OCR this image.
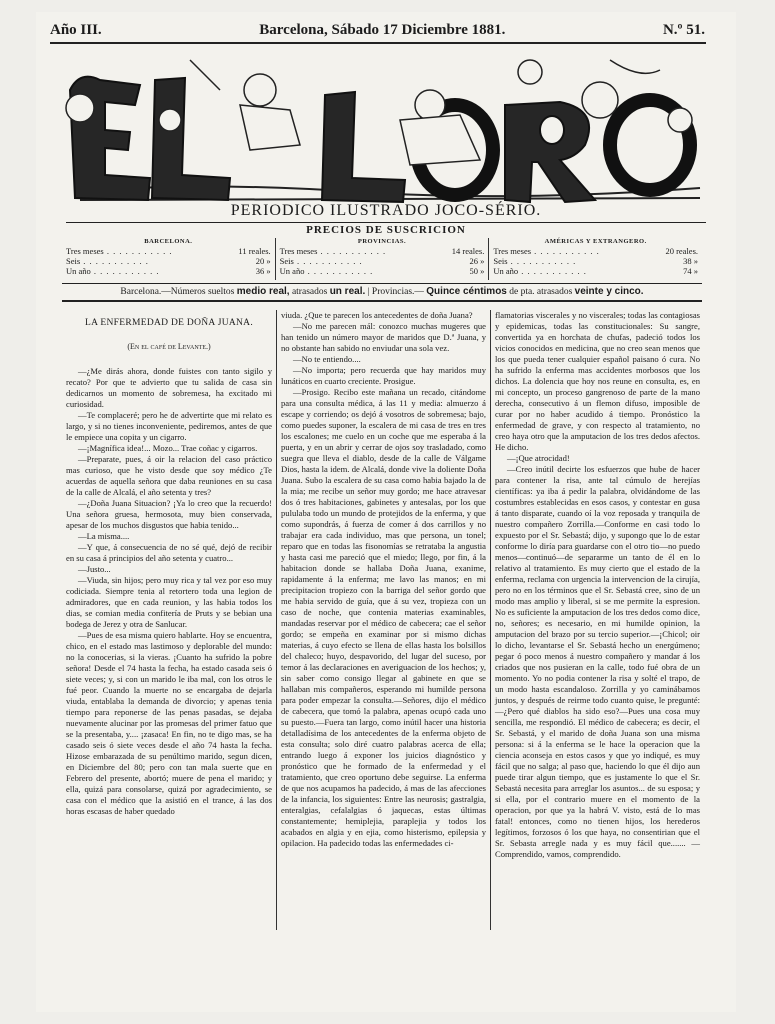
Año III.	Barcelona, Sábado 17 Diciembre 1881.	N.º 51.
PERIODICO ILUSTRADO JOCO-SÉRIO.
PRECIOS DE SUSCRICION
BARCELONA.
Tres meses . . .	11 reales.
Seis . . .	20 »
Un año . . .	36 »
PROVINCIAS.
Tres meses . . .	14 reales.
Seis . . .	26 »
Un año . . .	50 »
AMÉRICAS Y EXTRANGERO.
Tres meses . . .	20 reales.
Seis . . .	38 »
Un año . . .	74 »
Barcelona.—Números sueltos medio real, atrasados un real. | Provincias.— Quince céntimos de pta. atrasados veinte y cinco.
LA ENFERMEDAD DE DOÑA JUANA.
(En el café de Levante.)

—¿Me dirás ahora, donde fuistes con tanto sigilo y recato? Por que te advierto que tu salida de casa sin dedicarnos un momento de sobremesa, ha excitado mi curiosidad.

—Te complaceré; pero he de advertirte que mi relato es largo, y si no tienes inconveniente, pediremos, antes de que le empiece una copita y un cigarro.

—¡Magnífica idea!... Mozo... Trae coñac y cigarros.

—Preparate, pues, á oir la relacion del caso práctico mas curioso, que he visto desde que soy médico ¿Te acuerdas de aquella señora que daba reuniones en su casa de la calle de Alcalá, el año setenta y tres?

—¿Doña Juana Situacion? ¡Ya lo creo que la recuerdo! Una señora gruesa, hermosota, muy bien conservada, apesar de los muchos disgustos que habia tenido...

—La misma....

—Y que, á consecuencia de no sé qué, dejó de recibir en su casa á principios del año setenta y cuatro...

—Justo...

—Viuda, sin hijos; pero muy rica y tal vez por eso muy codiciada. Siempre tenia al retortero toda una legion de admiradores, que en cada reunion, y las habia todos los dias, se comian media confitería de Pruts y se bebian una bodega de Jerez y otra de Sanlucar.

—Pues de esa misma quiero hablarte. Hoy se encuentra, chico, en el estado mas lastimoso y deplorable del mundo: no la conocerias, si la vieras. ¡Cuanto ha sufrido la pobre señora! Desde el 74 hasta la fecha, ha estado casada seis ó siete veces; y, si con un marido le iba mal, con los otros le fué peor. Cuando la muerte no se encargaba de dejarla viuda, entablaba la demanda de divorcio; y apenas tenia tiempo para reponerse de las penas pasadas, se dejaba nuevamente alucinar por las promesas del primer fatuo que se la presentaba, y.... ¡zasaca! En fin, no te digo mas, se ha casado seis ó siete veces desde el año 74 hasta la fecha. Hizose embarazada de su penúltimo marido, segun dicen, en Diciembre del 80; pero con tan mala suerte que en Febrero del presente, abortó; muere de pena el marido; y ella, quizá para consolarse, quizá por agradecimiento, se casa con el médico que la asistió en el trance, á las dos horas escasas de haber quedado

viuda. ¿Que te parecen los antecedentes de doña Juana?

—No me parecen mál: conozco muchas mugeres que han tenido un número mayor de maridos que D.ª Juana, y no obstante han sabido no enviudar una sola vez.

—No te entiendo....

—No importa; pero recuerda que hay maridos muy lunáticos en cuarto creciente. Prosigue.

—Prosigo. Recibo este mañana un recado, citándome para una consulta médica, á las 11 y media: almuerzo á escape y corriendo; os dejó á vosotros de sobremesa; bajo, como puedes suponer, la escalera de mi casa de tres en tres los escalones; me cuelo en un coche que me esperaba á la puerta, y en un abrir y cerrar de ojos soy trasladado, como suegra que lleva el diablo, desde de la calle de Válgame Dios, hasta la idem. de Alcalá, donde vive la doliente Doña Juana. Subo la escalera de su casa como habia bajado la de la mia; me recibe un señor muy gordo; me hace atravesar dos ó tres habitaciones, gabinetes y antesalas, por los que pululaba todo un mundo de protejidos de la enferma, y que como supondrás, á fuerza de comer á dos carrillos y no trabajar era cada individuo, mas que persona, un tonel; reparo que en todas las fisonomías se retrataba la angustia y hasta casi me pareció que el miedo; llego, por fin, á la habitacion donde se hallaba Doña Juana, exanime, rapidamente á la enferma; me lavo las manos; en mi precipitacion tropiezo con la barriga del señor gordo que me habia servido de guía, que á su vez, tropieza con un caso de noche, que contenia materias examinables, mandadas reservar por el médico de cabecera; cae el señor gordo; se empeña en examinar por si mismo dichas materias, á cuyo efecto se llena de ellas hasta los bolsillos del chaleco; huyo, despavorido, del lugar del suceso, por temor á las declaraciones en averiguacion de los hechos; y, sin saber como consigo llegar al gabinete en que se hallaban mis compañeros, esperando mi humilde persona para poder empezar la consulta.—Señores, dijo el médico de cabecera, que tomó la palabra, apenas ocupó cada uno su puesto.—Fuera tan largo, como inútil hacer una historia detalladísima de los antecedentes de la enferma objeto de esta consulta; solo diré cuatro palabras acerca de ella; entrando luego á exponer los juicios diagnóstico y pronóstico que he formado de la enfermedad y el tratamiento, que creo oportuno debe seguirse. La enferma de que nos acupamos ha padecido, á mas de las afecciones de la infancia, los siguientes: Entre las neurosis; gastralgia, enteralgias, cefalalgias ó jaquecas, estas últimas constantemente; hemiplejia, paraplejia y todos los acabados en algia y en ejia, como histerismo, epilepsia y opilacion. Ha padecido todas las enfermedades ci-

flamatorias viscerales y no viscerales; todas las contagiosas y epidemicas, todas las constitucionales: Su sangre, convertida ya en horchata de chufas, padeció todos los vicios conocidos en medicina, que no creo sean menos que los que pueda tener cualquier español paisano ó cura. No ha sufrido la enferma mas accidentes morbosos que los dichos. La dolencia que hoy nos reune en consulta, es, en mi concepto, un proceso gangrenoso de parte de la mano derecha, consecutivo á un flemon difuso, imposible de curar por no haber acudido á tiempo. Pronóstico la enfermedad de grave, y con respecto al tratamiento, no creo haya otro que la amputacion de los tres dedos afectos. He dicho.

—¡Que atrocidad!

—Creo inútil decirte los esfuerzos que hube de hacer para contener la risa, ante tal cúmulo de herejías científicas: ya iba á pedir la palabra, olvidándome de las costumbres establecidas en esos casos, y contestar en gusa á tanto disparate, cuando oí la voz reposada y tranquila de nuestro compañero Zorrilla.—Conforme en casi todo lo expuesto por el Sr. Sebastá; dijo, y supongo que lo de estar conforme lo diría para guardarse con el otro tio—no puedo menos—continuó—de separarme un tanto de él en lo relativo al tratamiento. Es muy cierto que el estado de la enferma, reclama con urgencia la intervencion de la cirujía, pero no en los términos que el Sr. Sebastá cree, sino de un modo mas amplio y liberal, si se me permite la espresion. No es suficiente la amputacion de los tres dedos como dice, no, señores; es necesario, en mi humilde opinion, la amputacion del brazo por su tercio superior.—¡Chicol; oir lo dicho, levantarse el Sr. Sebastá hecho un energúmeno; pegar ó poco menos á nuestro compañero y mandar á los criados que nos pusieran en la calle, todo fué obra de un momento. Yo no podia contener la risa y solté el trapo, de un modo hasta escandaloso. Zorrilla y yo caminábamos juntos, y después de reirme todo cuanto quise, le pregunté:—¿Pero qué diablos ha sido eso?—Pues una cosa muy sencilla, me respondió. El médico de cabecera; es decir, el Sr. Sebastá, y el marido de doña Juana son una misma persona: si á la enferma se le hace la operacion que la ciencia aconseja en estos casos y que yo indiqué, es muy fácil que no salga; al paso que, haciendo lo que él dijo aun puede tirar algun tiempo, que es justamente lo que el Sr. Sebastá necesita para arreglar los asuntos... de su esposa; y si ella, por el contrario muere en el momento de la operacion, por que ya la habrá V. visto, está de lo mas fatal! entonces, como no tienen hijos, los herederos legítimos, forzosos ó los que haya, no consentirian que el Sr. Sebasta arregle nada y es muy fácil que....... —Comprendido, vamos, comprendido.
